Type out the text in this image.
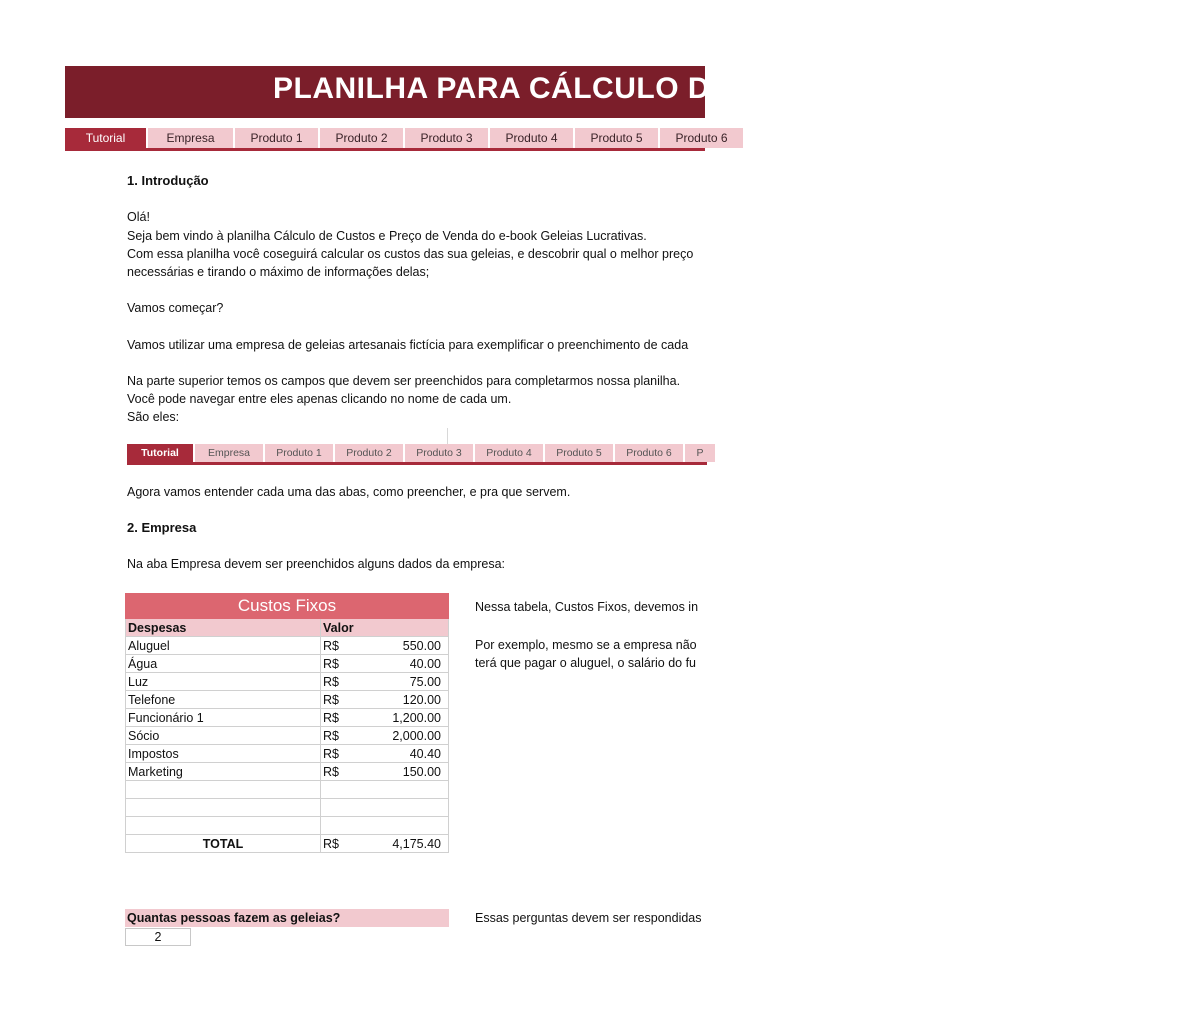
PLANILHA PARA CÁLCULO DE CUSTOS E PREÇO DE VENDA
Tutorial	Empresa	Produto 1	Produto 2	Produto 3	Produto 4	Produto 5	Produto 6
1. Introdução
Olá!
Seja bem vindo à planilha Cálculo de Custos e Preço de Venda do e-book Geleias Lucrativas.
Com essa planilha você coseguirá calcular os custos das sua geleias, e descobrir qual o melhor preço
necessárias e tirando o máximo de informações delas;
Vamos começar?
Vamos utilizar uma empresa de geleias artesanais fictícia para exemplificar o preenchimento de cada
Na parte superior temos os campos que devem ser preenchidos para completarmos nossa planilha.
Você pode navegar entre eles apenas clicando no nome de cada um.
São eles:
Tutorial	Empresa	Produto 1	Produto 2	Produto 3	Produto 4	Produto 5	Produto 6	P
Agora vamos entender cada uma das abas, como preencher, e pra que servem.
2. Empresa
Na aba Empresa devem ser preenchidos alguns dados da empresa:
Custos Fixos	
Despesas	Valor
Aluguel	R$ 550.00
Água	R$ 40.00
Luz	R$ 75.00
Telefone	R$ 120.00
Funcionário 1	R$ 1,200.00
Sócio	R$ 2,000.00
Impostos	R$ 40.40
Marketing	R$ 150.00

TOTAL	R$ 4,175.40
Nessa tabela, Custos Fixos, devemos in
Por exemplo, mesmo se a empresa não
terá que pagar o aluguel, o salário do fu
Quantas pessoas fazem as geleias?
2
Essas perguntas devem ser respondidas
